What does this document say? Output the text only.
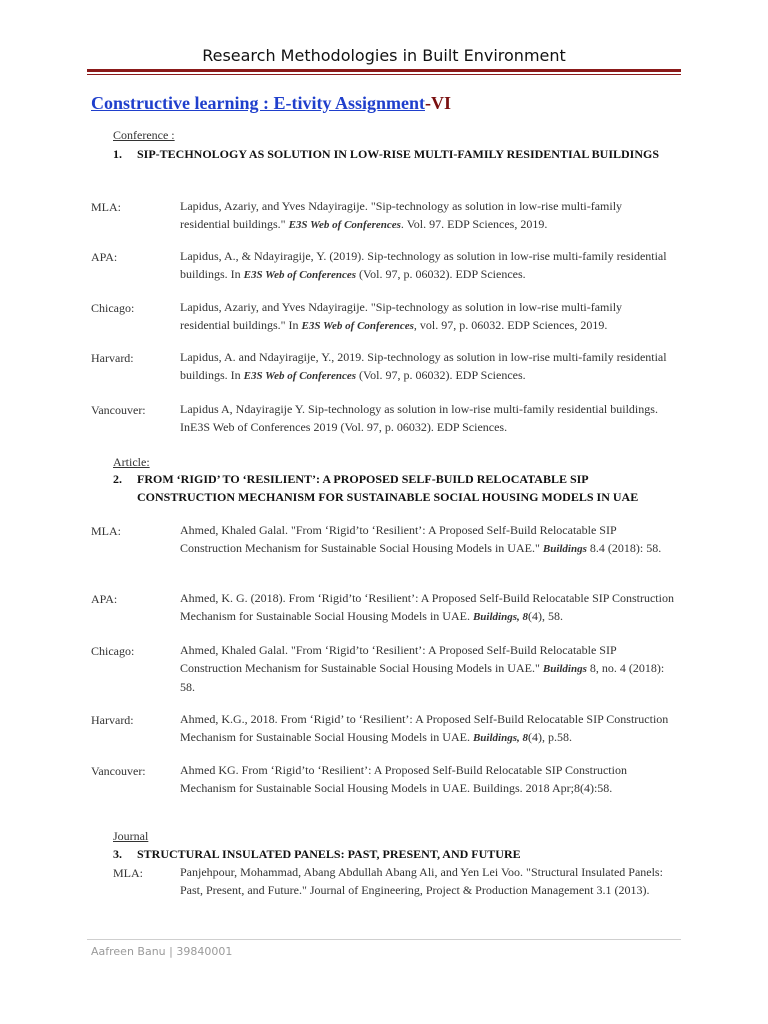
Research Methodologies in Built Environment
Constructive learning : E-tivity Assignment-VI
Conference :
1. SIP-TECHNOLOGY AS SOLUTION IN LOW-RISE MULTI-FAMILY RESIDENTIAL BUILDINGS
MLA:	Lapidus, Azariy, and Yves Ndayiragije. "Sip-technology as solution in low-rise multi-family residential buildings." E3S Web of Conferences. Vol. 97. EDP Sciences, 2019.
APA:	Lapidus, A., & Ndayiragije, Y. (2019). Sip-technology as solution in low-rise multi-family residential buildings. In E3S Web of Conferences (Vol. 97, p. 06032). EDP Sciences.
Chicago:	Lapidus, Azariy, and Yves Ndayiragije. "Sip-technology as solution in low-rise multi-family residential buildings." In E3S Web of Conferences, vol. 97, p. 06032. EDP Sciences, 2019.
Harvard:	Lapidus, A. and Ndayiragije, Y., 2019. Sip-technology as solution in low-rise multi-family residential buildings. In E3S Web of Conferences (Vol. 97, p. 06032). EDP Sciences.
Vancouver:	Lapidus A, Ndayiragije Y. Sip-technology as solution in low-rise multi-family residential buildings. InE3S Web of Conferences 2019 (Vol. 97, p. 06032). EDP Sciences.
Article:
2. FROM ‘RIGID’ TO ‘RESILIENT’: A PROPOSED SELF-BUILD RELOCATABLE SIP CONSTRUCTION MECHANISM FOR SUSTAINABLE SOCIAL HOUSING MODELS IN UAE
MLA:	Ahmed, Khaled Galal. "From ‘Rigid’to ‘Resilient’: A Proposed Self-Build Relocatable SIP Construction Mechanism for Sustainable Social Housing Models in UAE." Buildings 8.4 (2018): 58.
APA:	Ahmed, K. G. (2018). From ‘Rigid’to ‘Resilient’: A Proposed Self-Build Relocatable SIP Construction Mechanism for Sustainable Social Housing Models in UAE. Buildings, 8(4), 58.
Chicago:	Ahmed, Khaled Galal. "From ‘Rigid’to ‘Resilient’: A Proposed Self-Build Relocatable SIP Construction Mechanism for Sustainable Social Housing Models in UAE." Buildings 8, no. 4 (2018): 58.
Harvard:	Ahmed, K.G., 2018. From ‘Rigid’ to ‘Resilient’: A Proposed Self-Build Relocatable SIP Construction Mechanism for Sustainable Social Housing Models in UAE. Buildings, 8(4), p.58.
Vancouver:	Ahmed KG. From ‘Rigid’to ‘Resilient’: A Proposed Self-Build Relocatable SIP Construction Mechanism for Sustainable Social Housing Models in UAE. Buildings. 2018 Apr;8(4):58.
Journal
3. STRUCTURAL INSULATED PANELS: PAST, PRESENT, AND FUTURE
MLA:	Panjehpour, Mohammad, Abang Abdullah Abang Ali, and Yen Lei Voo. "Structural Insulated Panels: Past, Present, and Future." Journal of Engineering, Project & Production Management 3.1 (2013).
Aafreen Banu | 39840001
